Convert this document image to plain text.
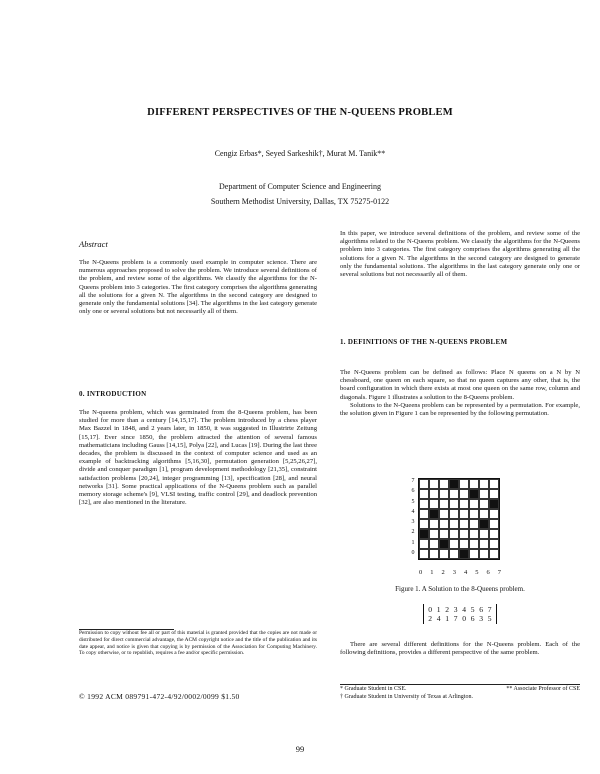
DIFFERENT PERSPECTIVES OF THE N-QUEENS PROBLEM
Cengiz Erbas*, Seyed Sarkeshik†, Murat M. Tanik**
Department of Computer Science and Engineering
Southern Methodist University, Dallas, TX 75275-0122
Abstract

The N-Queens problem is a commonly used example in computer science. There are numerous approaches proposed to solve the problem. We introduce several definitions of the problem, and review some of the algorithms. We classify the algorithms for the N-Queens problem into 3 categories. The first category comprises the algorithms generating all the solutions for a given N. The algorithms in the second category are designed to generate only the fundamental solutions [34]. The algorithms in the last category generate only one or several solutions but not necessarily all of them.

0. INTRODUCTION

The N-queens problem, which was germinated from the 8-Queens problem, has been studied for more than a century [14,15,17]. The problem introduced by a chess player Max Bazzel in 1848, and 2 years later, in 1850, it was suggested in Illustrirte Zeitung [15,17]. Ever since 1850, the problem attracted the attention of several famous mathematicians including Gauss [14,15], Polya [22], and Lucas [19]. During the last three decades, the problem is discussed in the context of computer science and used as an example of backtracking algorithms [5,16,30], permutation generation [5,25,26,27], divide and conquer paradigm [1], program development methodology [21,35], constraint satisfaction problems [20,24], integer programming [13], specification [28], and neural networks [31]. Some practical applications of the N-Queens problem such as parallel memory storage scheme's [9], VLSI testing, traffic control [29], and deadlock prevention [32], are also mentioned in the literature.

Permission to copy without fee all or part of this material is granted provided that the copies are not made or distributed for direct commercial advantage, the ACM copyright notice and the title of the publication and its date appear, and notice is given that copying is by permission of the Association for Computing Machinery. To copy otherwise, or to republish, requires a fee and/or specific permission.

© 1992 ACM 089791-472-4/92/0002/0099 $1.50

In this paper, we introduce several definitions of the problem, and review some of the algorithms related to the N-Queens problem. We classify the algorithms for the N-Queens problem into 3 categories. The first category comprises the algorithms generating all the solutions for a given N. The algorithms in the second category are designed to generate only the fundamental solutions. The algorithms in the last category generate only one or several solutions but not necessarily all of them.

1. DEFINITIONS OF THE N-QUEENS PROBLEM

The N-Queens problem can be defined as follows: Place N queens on a N by N chessboard, one queen on each square, so that no queen captures any other, that is, the board configuration in which there exists at most one queen on the same row, column and diagonals. Figure 1 illustrates a solution to the 8-Queens problem.

Solutions to the N-Queens problem can be represented by a permutation. For example, the solution given in Figure 1 can be represented by the following permutation.

7
6
5
4
3
2
1
0
0 1 2 3 4 5 6 7
Figure 1. A Solution to the 8-Queens problem.
0 1 2 3 4 5 6 7
2 4 1 7 0 6 3 5

There are several different definitions for the N-Queens problem. Each of the following definitions, provides a different perspective of the same problem.

* Graduate Student in CSE.	** Associate Professor of CSE
† Graduate Student in University of Texas at Arlington.
99
